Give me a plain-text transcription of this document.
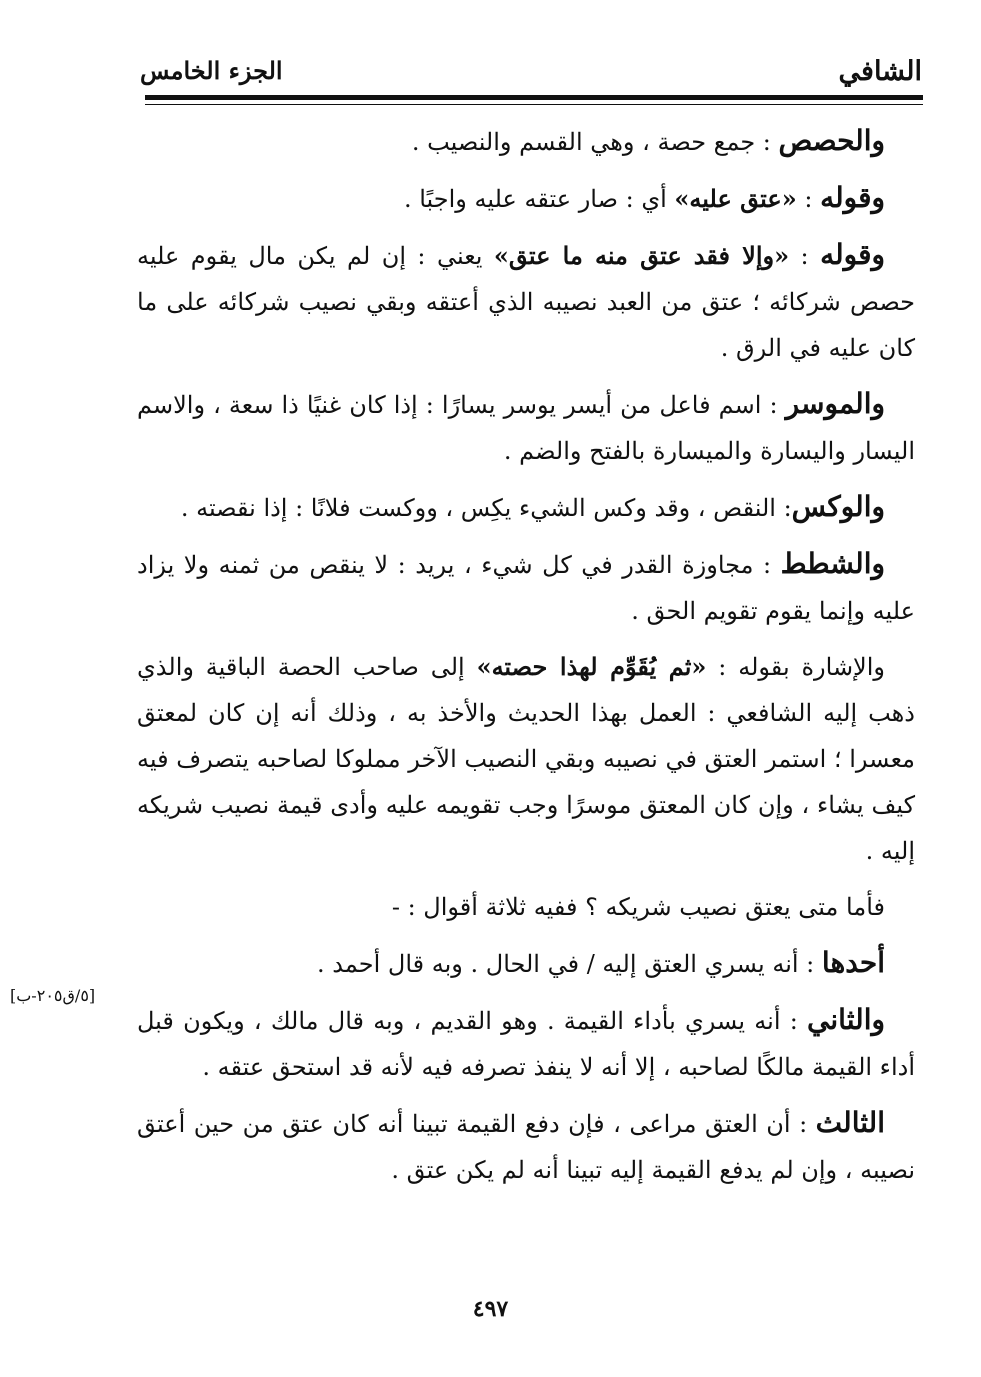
الشافي
الجزء الخامس

والحصص : جمع حصة ، وهي القسم والنصيب .

وقوله : «عتق عليه» أي : صار عتقه عليه واجبًا .

وقوله : «وإلا فقد عتق منه ما عتق» يعني : إن لم يكن مال يقوم عليه حصص شركائه ؛ عتق من العبد نصيبه الذي أعتقه وبقي نصيب شركائه على ما كان عليه في الرق .

والموسر : اسم فاعل من أيسر يوسر يسارًا : إذا كان غنيًا ذا سعة ، والاسم اليسار واليسارة والميسارة بالفتح والضم .

والوكس: النقص ، وقد وكس الشيء يكِس ، ووكست فلانًا : إذا نقصته .

والشطط : مجاوزة القدر في كل شيء ، يريد : لا ينقص من ثمنه ولا يزاد عليه وإنما يقوم تقويم الحق .

والإشارة بقوله : «ثم يُقَوِّم لهذا حصته» إلى صاحب الحصة الباقية والذي ذهب إليه الشافعي : العمل بهذا الحديث والأخذ به ، وذلك أنه إن كان لمعتق معسرا ؛ استمر العتق في نصيبه وبقي النصيب الآخر مملوكا لصاحبه يتصرف فيه كيف يشاء ، وإن كان المعتق موسرًا وجب تقويمه عليه وأدى قيمة نصيب شريكه إليه .

فأما متى يعتق نصيب شريكه ؟ ففيه ثلاثة أقوال : -

أحدها : أنه يسري العتق إليه / في الحال . وبه قال أحمد .

والثاني : أنه يسري بأداء القيمة . وهو القديم ، وبه قال مالك ، ويكون قبل أداء القيمة مالكًا لصاحبه ، إلا أنه لا ينفذ تصرفه فيه لأنه قد استحق عتقه .

الثالث : أن العتق مراعى ، فإن دفع القيمة تبينا أنه كان عتق من حين أعتق نصيبه ، وإن لم يدفع القيمة إليه تبينا أنه لم يكن عتق .

[٥/ق٢٠٥-ب]
٤٩٧
